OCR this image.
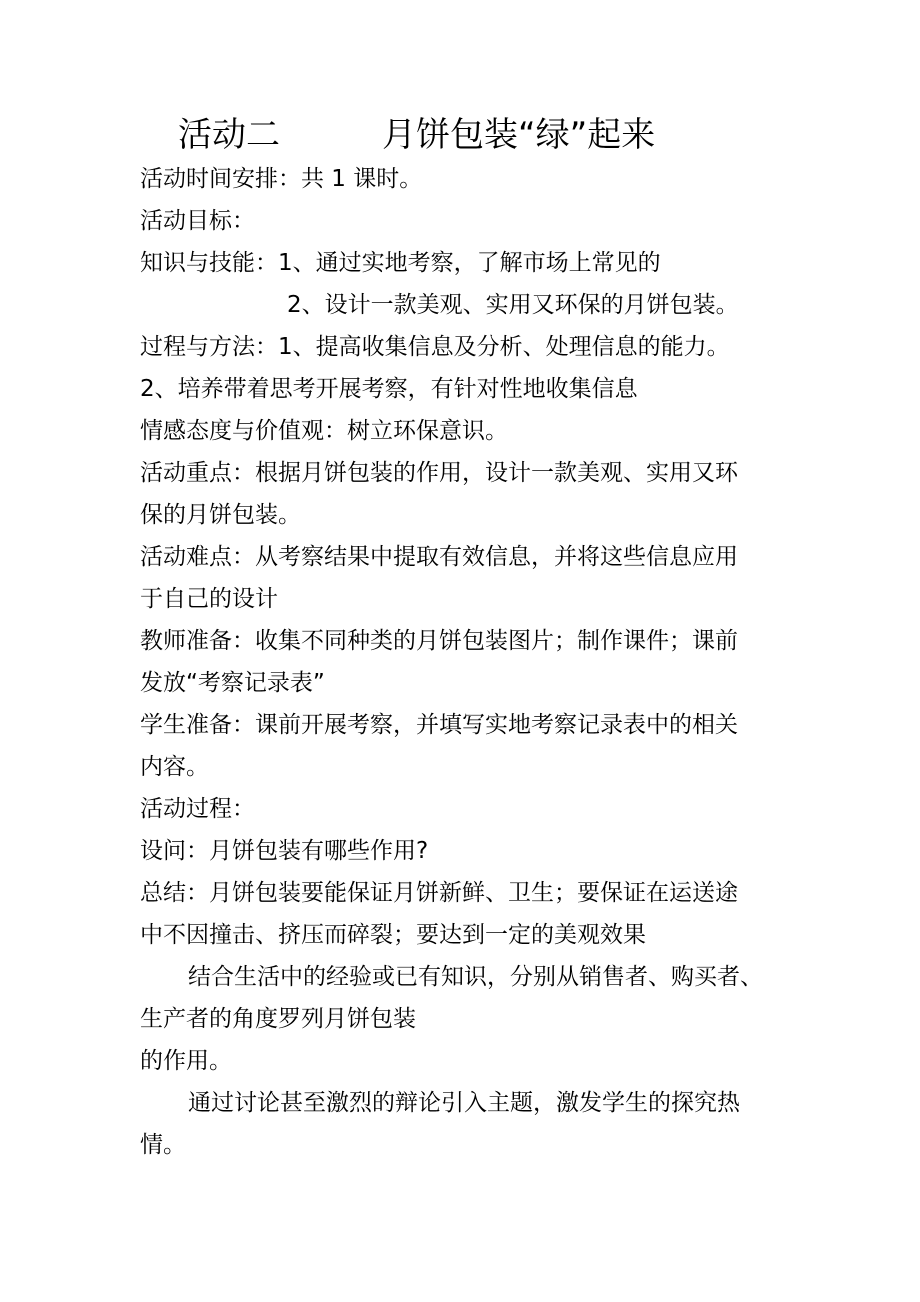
活动二	月饼包装“绿”起来
活动时间安排：共 1 课时。
活动目标：
知识与技能：1、通过实地考察，了解市场上常见的
2、设计一款美观、实用又环保的月饼包装。
过程与方法：1、提高收集信息及分析、处理信息的能力。
2、培养带着思考开展考察，有针对性地收集信息
情感态度与价值观：树立环保意识。
活动重点：根据月饼包装的作用，设计一款美观、实用又环
保的月饼包装。
活动难点：从考察结果中提取有效信息，并将这些信息应用
于自己的设计
教师准备：收集不同种类的月饼包装图片；制作课件；课前
发放“考察记录表”
学生准备：课前开展考察，并填写实地考察记录表中的相关
内容。
活动过程：
设问：月饼包装有哪些作用?
总结：月饼包装要能保证月饼新鲜、卫生；要保证在运送途
中不因撞击、挤压而碎裂；要达到一定的美观效果
结合生活中的经验或已有知识，分别从销售者、购买者、
生产者的角度罗列月饼包装
的作用。
通过讨论甚至激烈的辩论引入主题，激发学生的探究热
情。
